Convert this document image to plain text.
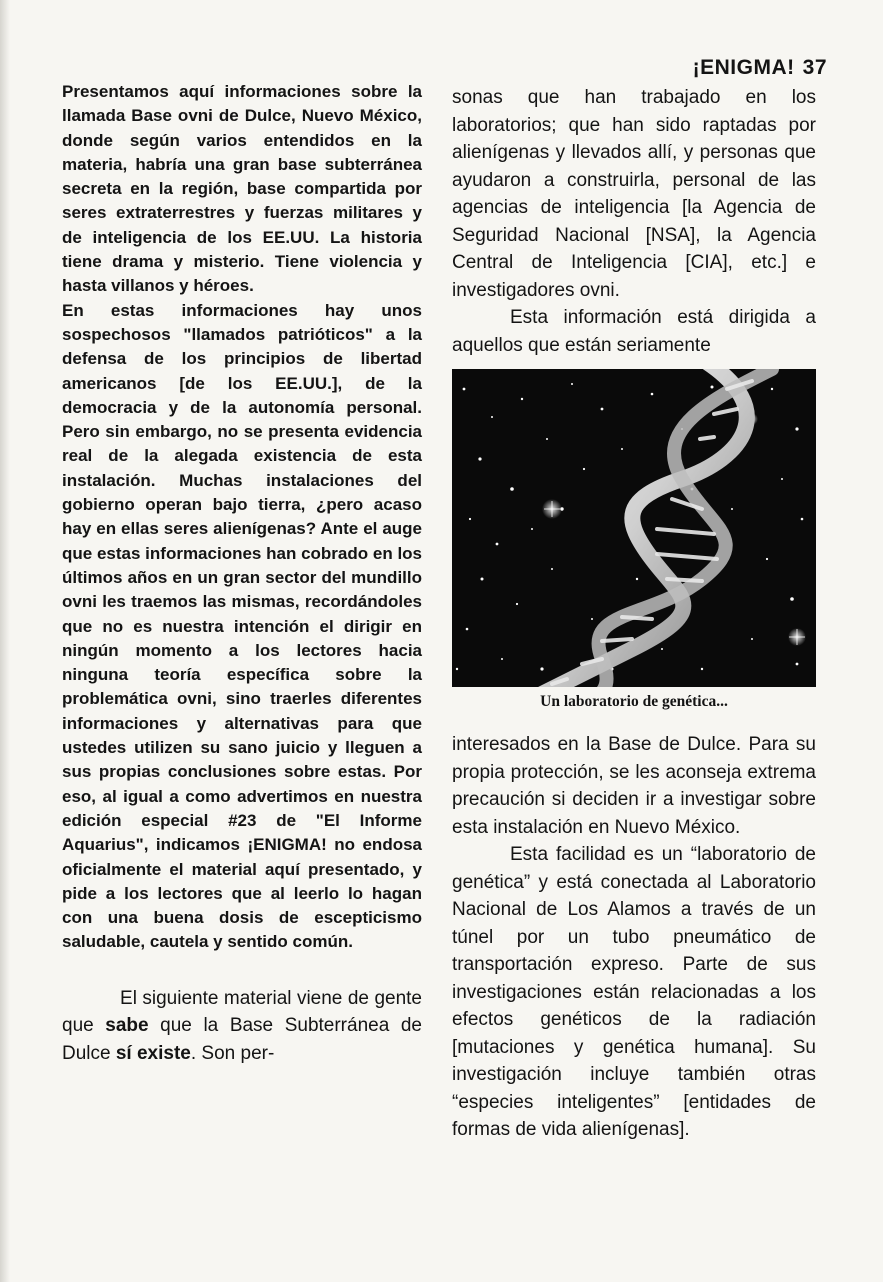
¡ENIGMA! 37

Presentamos aquí informaciones sobre la llamada Base ovni de Dulce, Nuevo México, donde según varios entendidos en la materia, habría una gran base subterránea secreta en la región, base compartida por seres extraterrestres y fuerzas militares y de inteligencia de los EE.UU. La historia tiene drama y misterio. Tiene violencia y hasta villanos y héroes.

En estas informaciones hay unos sospechosos "llamados patrióticos" a la defensa de los principios de libertad americanos [de los EE.UU.], de la democracia y de la autonomía personal. Pero sin embargo, no se presenta evidencia real de la alegada existencia de esta instalación. Muchas instalaciones del gobierno operan bajo tierra, ¿pero acaso hay en ellas seres alienígenas? Ante el auge que estas informaciones han cobrado en los últimos años en un gran sector del mundillo ovni les traemos las mismas, recordándoles que no es nuestra intención el dirigir en ningún momento a los lectores hacia ninguna teoría específica sobre la problemática ovni, sino traerles diferentes informaciones y alternativas para que ustedes utilizen su sano juicio y lleguen a sus propias conclusiones sobre estas. Por eso, al igual a como advertimos en nuestra edición especial #23 de "El Informe Aquarius", indicamos ¡ENIGMA! no endosa oficialmente el material aquí presentado, y pide a los lectores que al leerlo lo hagan con una buena dosis de escepticismo saludable, cautela y sentido común.

El siguiente material viene de gente que sabe que la Base Subterránea de Dulce sí existe. Son per-

sonas que han trabajado en los laboratorios; que han sido raptadas por alienígenas y llevados allí, y personas que ayudaron a construirla, personal de las agencias de inteligencia [la Agencia de Seguridad Nacional [NSA], la Agencia Central de Inteligencia [CIA], etc.] e investigadores ovni.

Esta información está dirigida a aquellos que están seriamente

Un laboratorio de genética...

interesados en la Base de Dulce. Para su propia protección, se les aconseja extrema precaución si deciden ir a investigar sobre esta instalación en Nuevo México.

Esta facilidad es un “laboratorio de genética” y está conectada al Laboratorio Nacional de Los Alamos a través de un túnel por un tubo pneumático de transportación expreso. Parte de sus investigaciones están relacionadas a los efectos genéticos de la radiación [mutaciones y genética humana]. Su investigación incluye también otras “especies inteligentes” [entidades de formas de vida alienígenas].
